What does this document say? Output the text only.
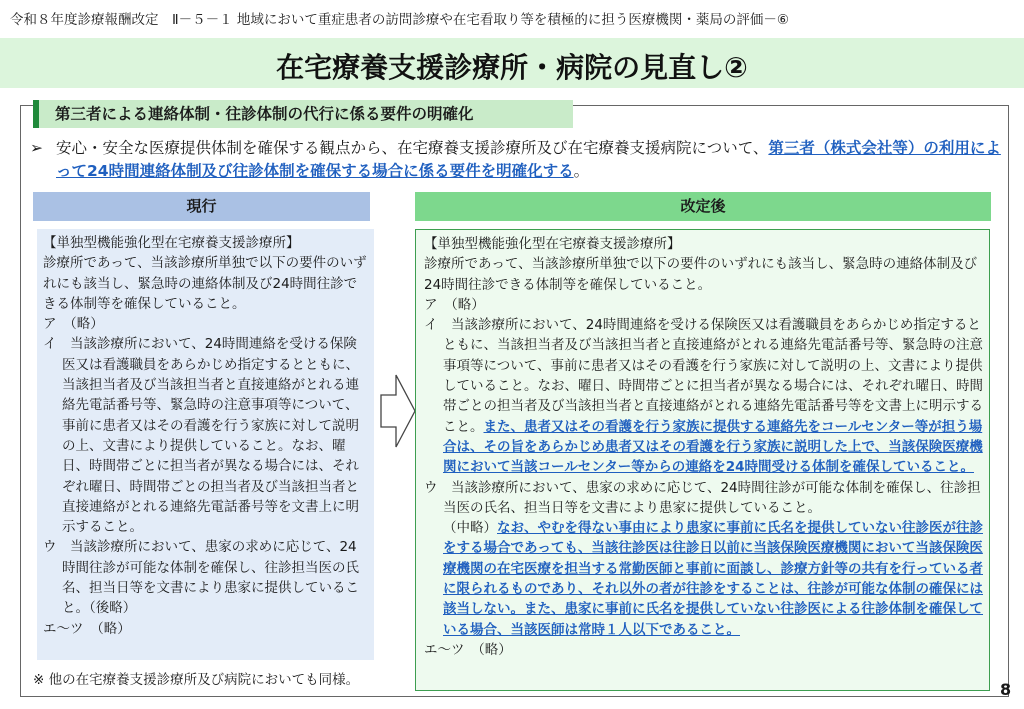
令和８年度診療報酬改定　Ⅱ－５－１ 地域において重症患者の訪問診療や在宅看取り等を積極的に担う医療機関・薬局の評価－⑥
在宅療養支援診療所・病院の見直し②
第三者による連絡体制・往診体制の代行に係る要件の明確化
➢ 安心・安全な医療提供体制を確保する観点から、在宅療養支援診療所及び在宅療養支援病院について、第三者（株式会社等）の利用によって24時間連絡体制及び往診体制を確保する場合に係る要件を明確化する。
現行	改定後

【単独型機能強化型在宅療養支援診療所】

診療所であって、当該診療所単独で以下の要件のいずれにも該当し、緊急時の連絡体制及び24時間往診できる体制等を確保していること。

ア　（略）

イ　当該診療所において、24時間連絡を受ける保険医又は看護職員をあらかじめ指定するとともに、当該担当者及び当該担当者と直接連絡がとれる連絡先電話番号等、緊急時の注意事項等について、事前に患者又はその看護を行う家族に対して説明の上、文書により提供していること。なお、曜日、時間帯ごとに担当者が異なる場合には、それぞれ曜日、時間帯ごとの担当者及び当該担当者と直接連絡がとれる連絡先電話番号等を文書上に明示すること。

ウ　当該診療所において、患家の求めに応じて、24時間往診が可能な体制を確保し、往診担当医の氏名、担当日等を文書により患家に提供していること。（後略）

エ～ツ　（略）

【単独型機能強化型在宅療養支援診療所】

診療所であって、当該診療所単独で以下の要件のいずれにも該当し、緊急時の連絡体制及び24時間往診できる体制等を確保していること。

ア　（略）

イ　当該診療所において、24時間連絡を受ける保険医又は看護職員をあらかじめ指定するとともに、当該担当者及び当該担当者と直接連絡がとれる連絡先電話番号等、緊急時の注意事項等について、事前に患者又はその看護を行う家族に対して説明の上、文書により提供していること。なお、曜日、時間帯ごとに担当者が異なる場合には、それぞれ曜日、時間帯ごとの担当者及び当該担当者と直接連絡がとれる連絡先電話番号等を文書上に明示すること。また、患者又はその看護を行う家族に提供する連絡先をコールセンター等が担う場合は、その旨をあらかじめ患者又はその看護を行う家族に説明した上で、当該保険医療機関において当該コールセンター等からの連絡を24時間受ける体制を確保していること。

ウ　当該診療所において、患家の求めに応じて、24時間往診が可能な体制を確保し、往診担当医の氏名、担当日等を文書により患家に提供していること。
（中略）なお、やむを得ない事由により患家に事前に氏名を提供していない往診医が往診をする場合であっても、当該往診医は往診日以前に当該保険医療機関において当該保険医療機関の在宅医療を担当する常勤医師と事前に面談し、診療方針等の共有を行っている者に限られるものであり、それ以外の者が往診をすることは、往診が可能な体制の確保には該当しない。また、患家に事前に氏名を提供していない往診医による往診体制を確保している場合、当該医師は常時１人以下であること。

エ～ツ　（略）

※ 他の在宅療養支援診療所及び病院においても同様。	8
